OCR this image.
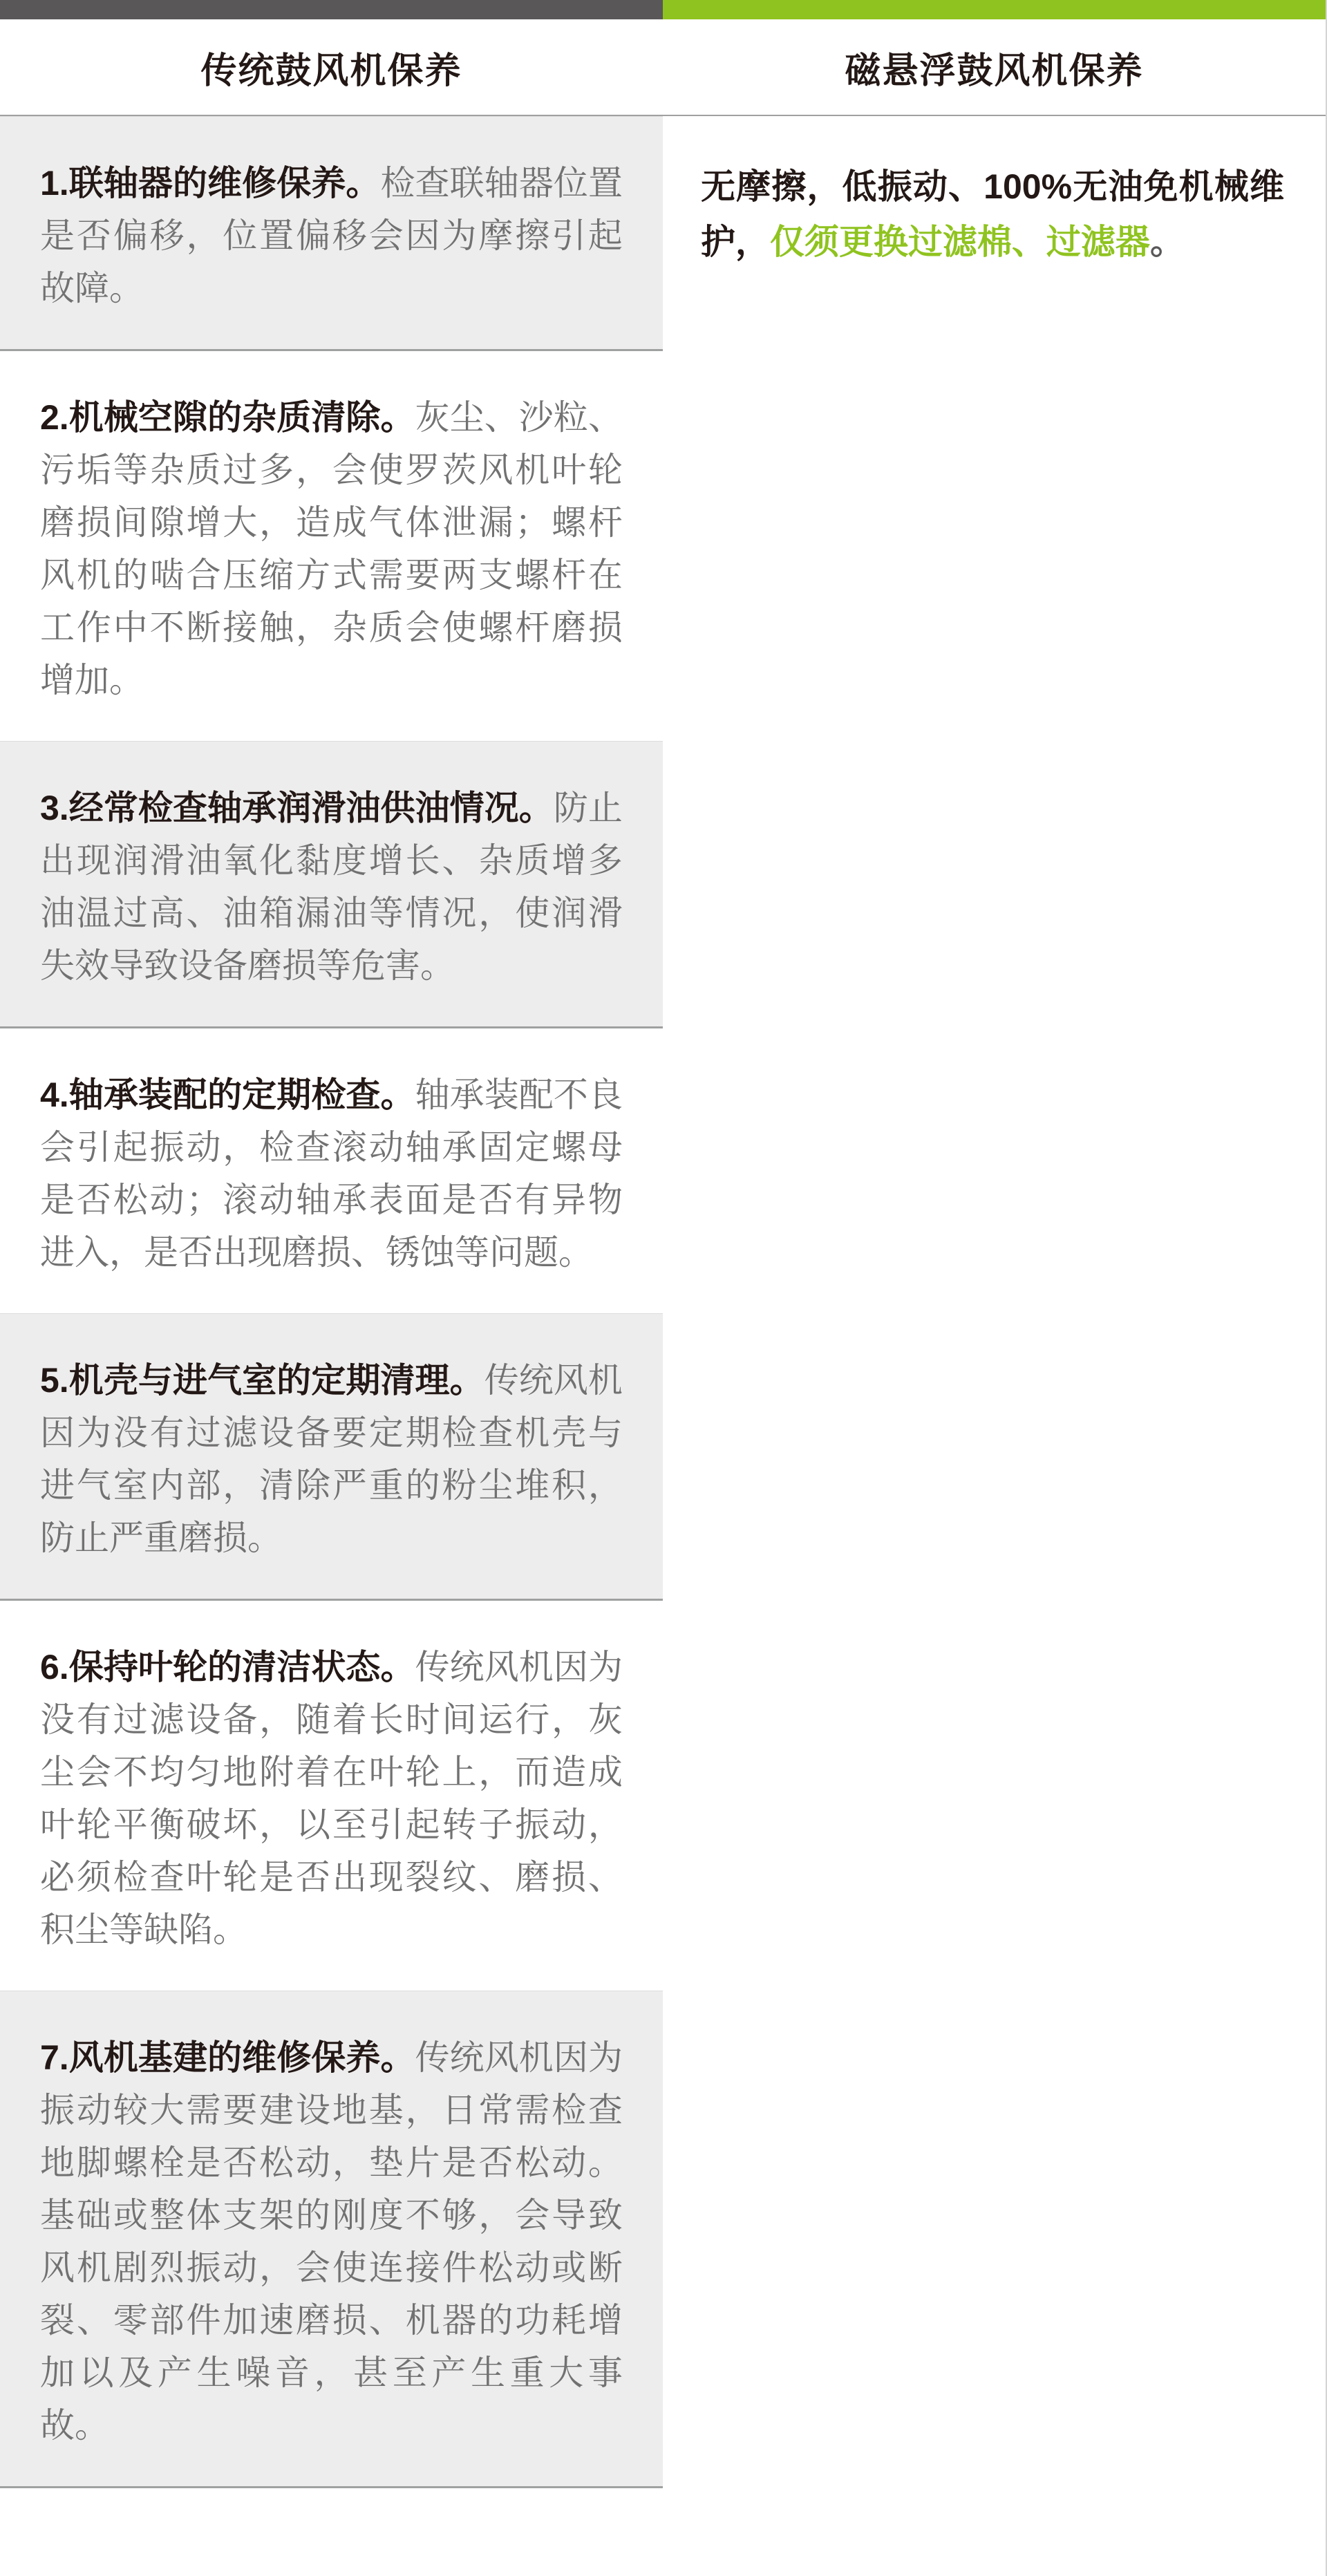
传统鼓风机保养	磁悬浮鼓风机保养

1.联轴器的维修保养。检查联轴器位置是否偏移，位置偏移会因为摩擦引起故障。

2.机械空隙的杂质清除。灰尘、沙粒、污垢等杂质过多，会使罗茨风机叶轮磨损间隙增大，造成气体泄漏；螺杆风机的啮合压缩方式需要两支螺杆在工作中不断接触，杂质会使螺杆磨损增加。

3.经常检查轴承润滑油供油情况。防止出现润滑油氧化黏度增长、杂质增多油温过高、油箱漏油等情况，使润滑失效导致设备磨损等危害。

4.轴承装配的定期检查。轴承装配不良会引起振动，检查滚动轴承固定螺母是否松动；滚动轴承表面是否有异物进入，是否出现磨损、锈蚀等问题。

5.机壳与进气室的定期清理。传统风机因为没有过滤设备要定期检查机壳与进气室内部，清除严重的粉尘堆积，防止严重磨损。

6.保持叶轮的清洁状态。传统风机因为没有过滤设备，随着长时间运行，灰尘会不均匀地附着在叶轮上，而造成叶轮平衡破坏，以至引起转子振动，必须检查叶轮是否出现裂纹、磨损、积尘等缺陷。

7.风机基建的维修保养。传统风机因为振动较大需要建设地基，日常需检查地脚螺栓是否松动，垫片是否松动。基础或整体支架的刚度不够，会导致风机剧烈振动，会使连接件松动或断裂、零部件加速磨损、机器的功耗增加以及产生噪音，甚至产生重大事故。

无摩擦，低振动、100%无油免机械维护，仅须更换过滤棉、过滤器。
